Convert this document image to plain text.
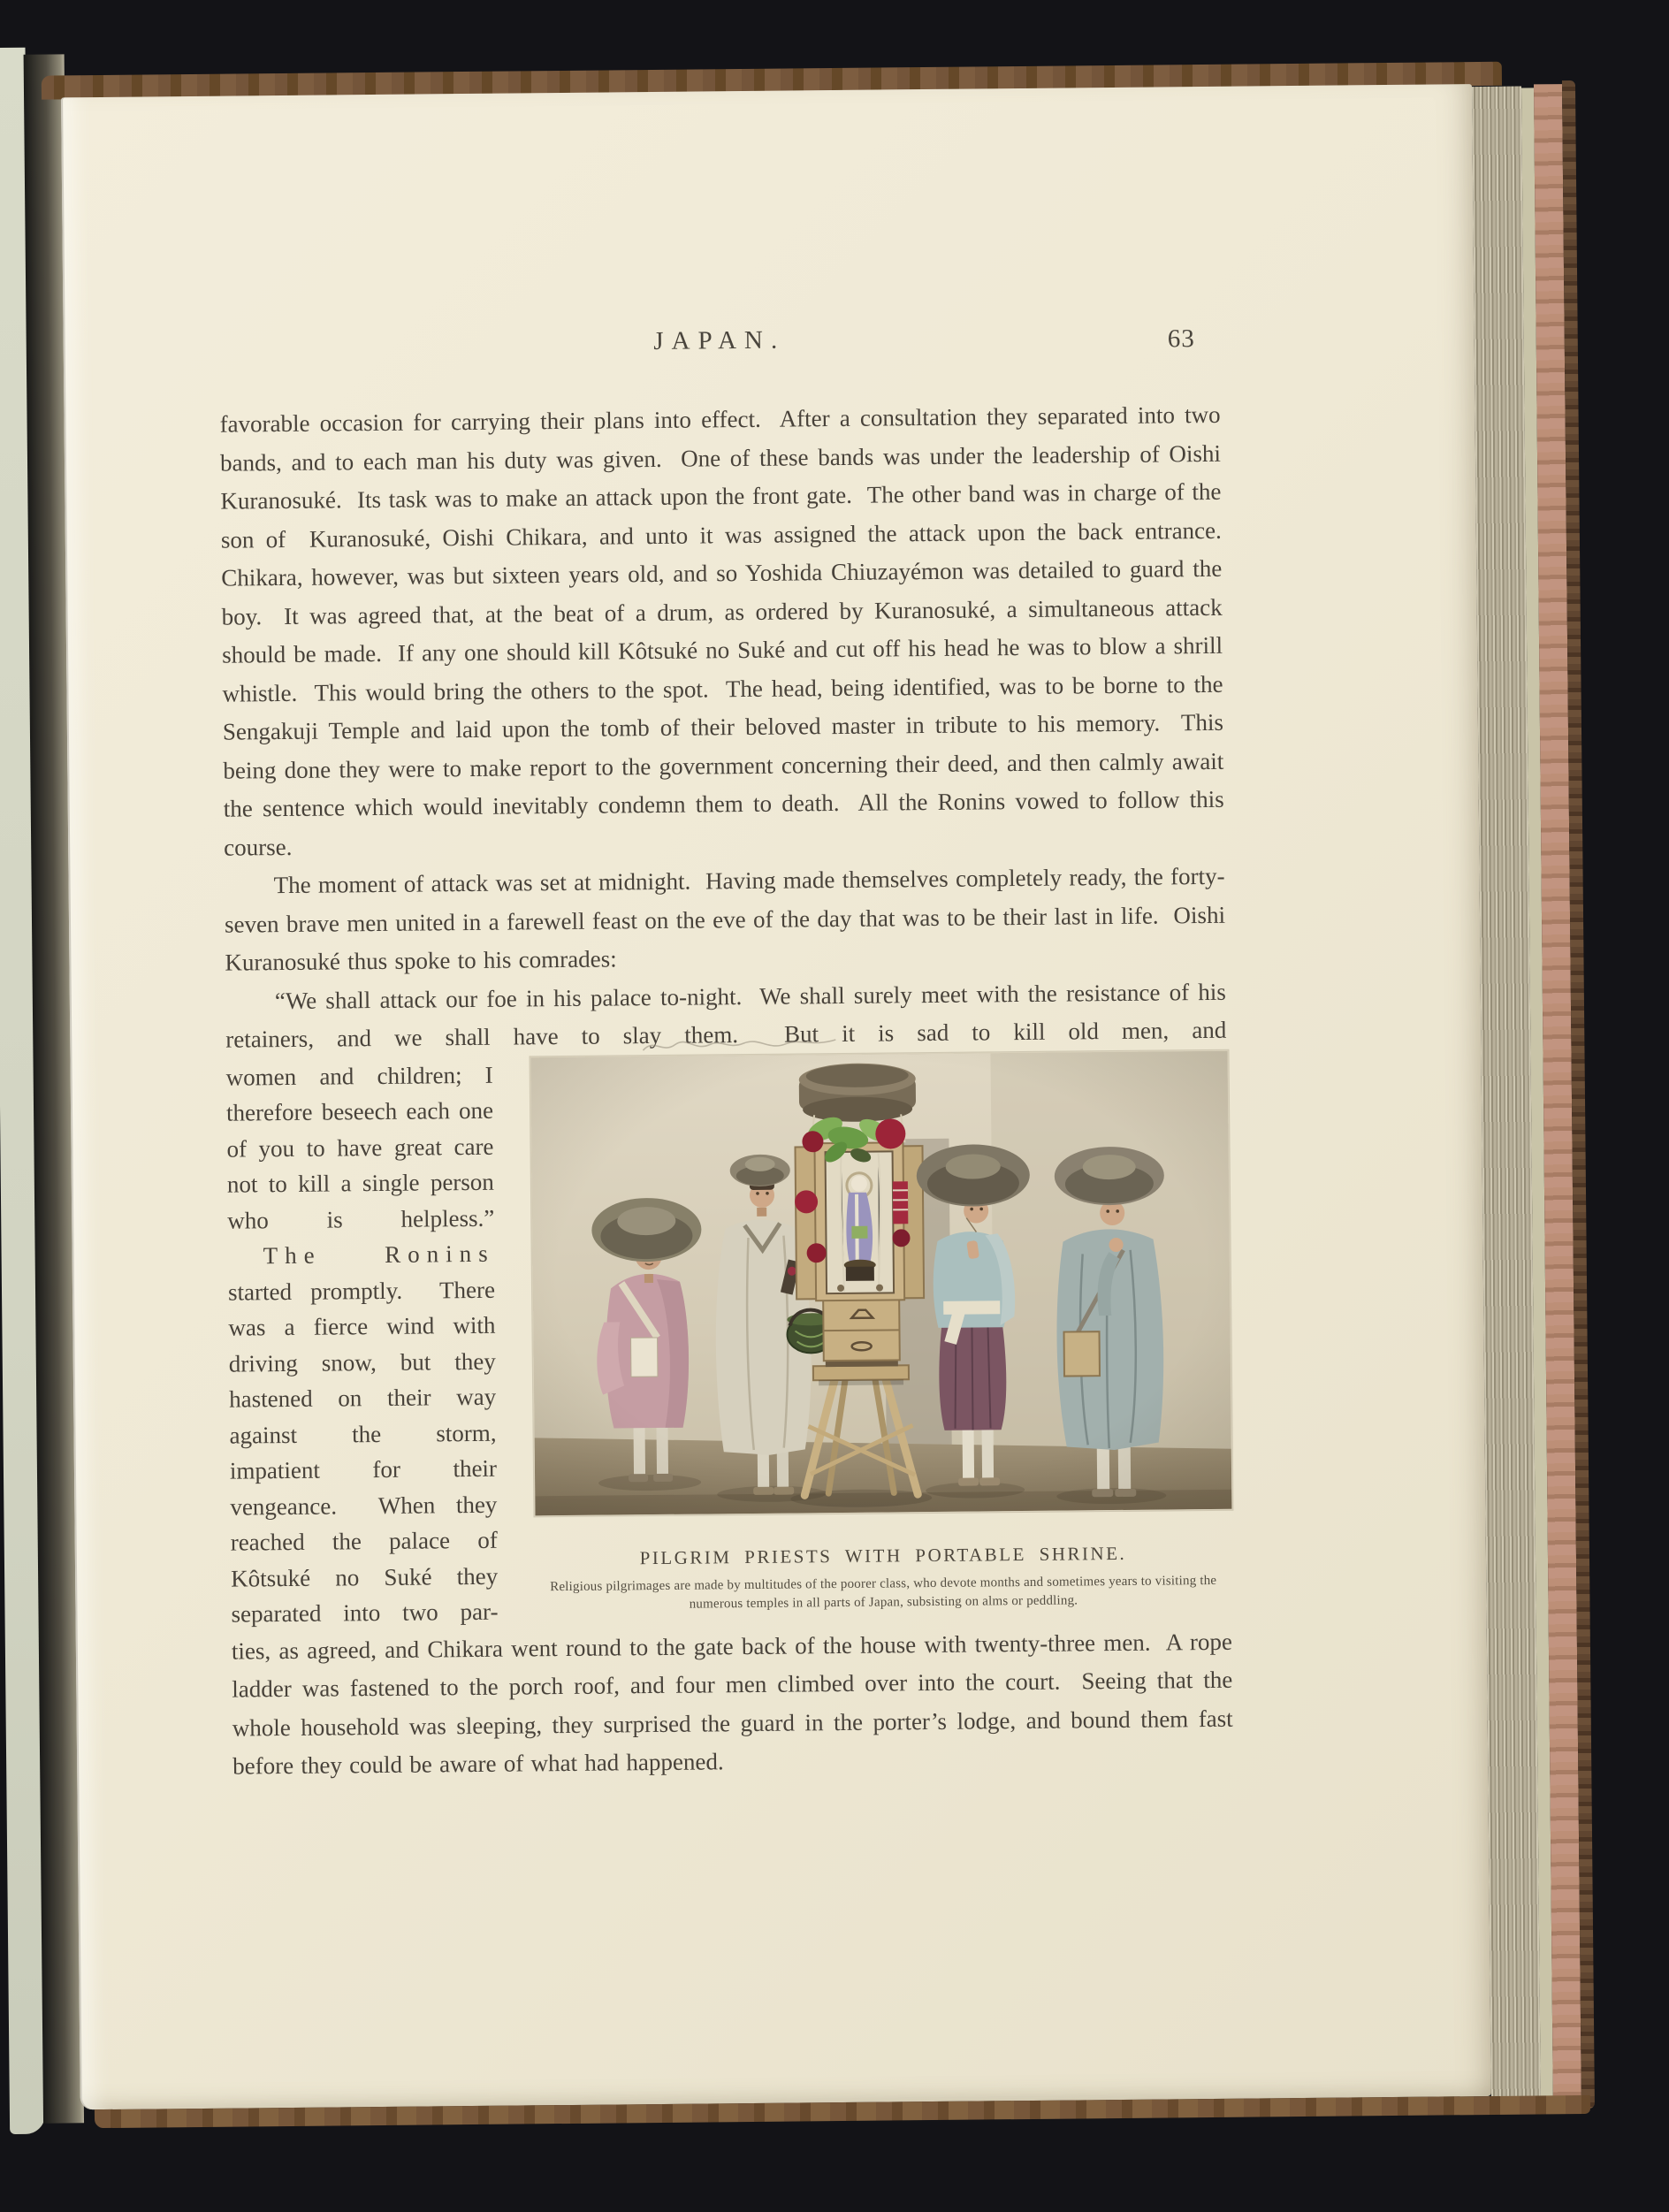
JAPAN.	63

favorable occasion for carrying their plans into effect.  After a consultation they separated into two bands, and to each man his duty was given.  One of these bands was under the leadership of Oishi Kuranosuké.  Its task was to make an attack upon the front gate.  The other band was in charge of the son of  Kuranosuké, Oishi Chikara, and unto it was assigned the attack upon the back entrance.  Chikara, however, was but sixteen years old, and so Yoshida Chiuzayémon was detailed to guard the boy.  It was agreed that, at the beat of a drum, as ordered by Kuranosuké, a simultaneous attack should be made.  If any one should kill Kôtsuké no Suké and cut off his head he was to blow a shrill whistle.  This would bring the others to the spot.  The head, being identified, was to be borne to the Sengakuji Temple and laid upon the tomb of their beloved master in tribute to his memory.  This being done they were to make report to the government concerning their deed, and then calmly await the sentence which would inevitably condemn them to death.  All the Ronins vowed to follow this course.

The moment of attack was set at midnight.  Having made themselves completely ready, the forty-seven brave men united in a farewell feast on the eve of the day that was to be their last in life.  Oishi Kuranosuké thus spoke to his comrades:

“We shall attack our foe in his palace to-night.  We shall surely meet with the resistance of his retainers, and we shall have to slay them.  But it is sad to kill old men, and

women and children; I therefore beseech each one of you to have great care not to kill a single person who is helpless.”

The Ronins
started promptly.  There was a fierce wind with driving snow, but they hastened on their way against the storm, impatient for their vengeance.  When they reached the palace of Kôtsuké no Suké they separated into two par-

PILGRIM PRIESTS WITH PORTABLE SHRINE.
Religious pilgrimages are made by multitudes of the poorer class, who devote months and sometimes years to visiting the
numerous temples in all parts of Japan, subsisting on alms or peddling.

ties, as agreed, and Chikara went round to the gate back of the house with twenty-three men.  A rope ladder was fastened to the porch roof, and four men climbed over into the court.  Seeing that the whole household was sleeping, they surprised the guard in the porter’s lodge, and bound them fast before they could be aware of what had happened.
